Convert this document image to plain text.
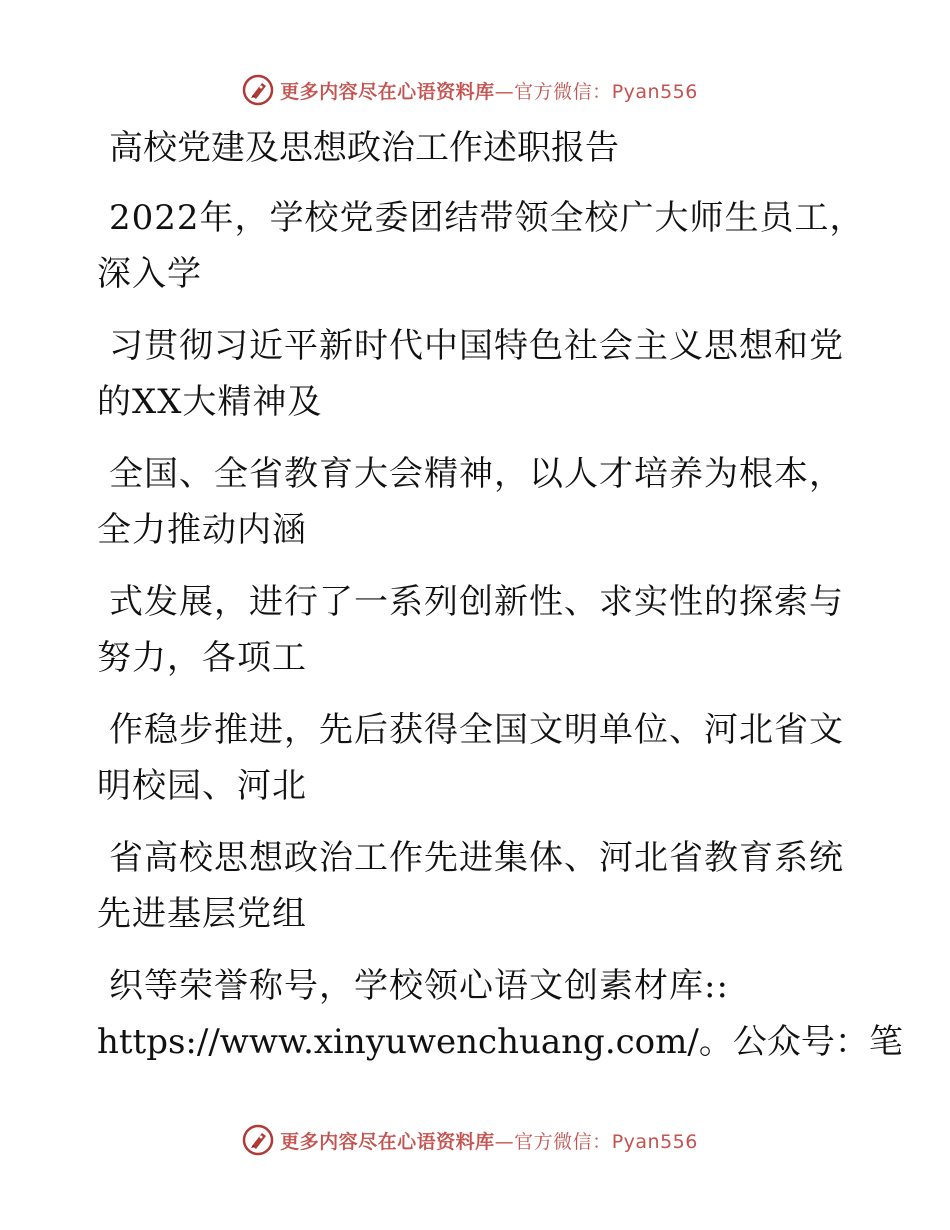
更多内容尽在心语资料库—官方微信：Pyan556
高校党建及思想政治工作述职报告
2022年，学校党委团结带领全校广大师生员工，
深入学
习贯彻习近平新时代中国特色社会主义思想和党
的XX大精神及
全国、全省教育大会精神，以人才培养为根本，
全力推动内涵
式发展，进行了一系列创新性、求实性的探索与
努力，各项工
作稳步推进，先后获得全国文明单位、河北省文
明校园、河北
省高校思想政治工作先进集体、河北省教育系统
先进基层党组
织等荣誉称号，学校领心语文创素材库::
https://www.xinyuwenchuang.com/。公众号：笔
更多内容尽在心语资料库—官方微信：Pyan556
